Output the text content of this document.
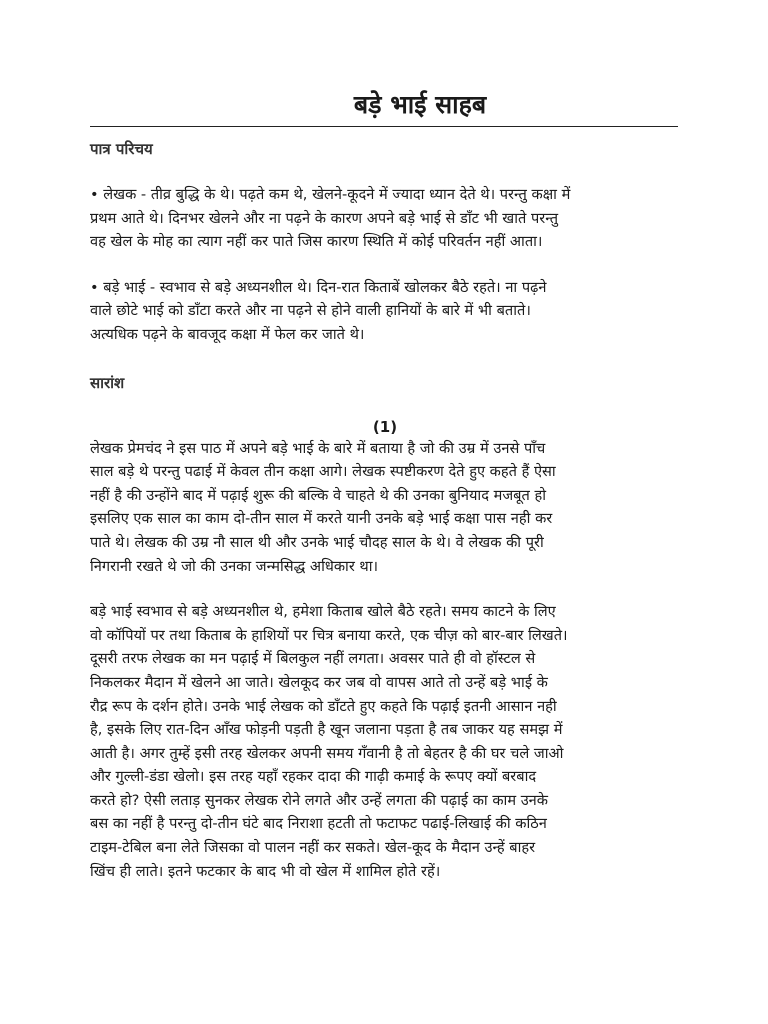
बड़े भाई साहब

पात्र परिचय

• लेखक - तीव्र बुद्धि के थे। पढ़ते कम थे, खेलने-कूदने में ज्यादा ध्यान देते थे। परन्तु कक्षा में
प्रथम आते थे। दिनभर खेलने और ना पढ़ने के कारण अपने बड़े भाई से डाँट भी खाते परन्तु
वह खेल के मोह का त्याग नहीं कर पाते जिस कारण स्थिति में कोई परिवर्तन नहीं आता।

• बड़े भाई - स्वभाव से बड़े अध्यनशील थे। दिन-रात किताबें खोलकर बैठे रहते। ना पढ़ने
वाले छोटे भाई को डाँटा करते और ना पढ़ने से होने वाली हानियों के बारे में भी बताते।
अत्यधिक पढ़ने के बावजूद कक्षा में फेल कर जाते थे।

सारांश

(1)

लेखक प्रेमचंद ने इस पाठ में अपने बड़े भाई के बारे में बताया है जो की उम्र में उनसे पाँच
साल बड़े थे परन्तु पढाई में केवल तीन कक्षा आगे। लेखक स्पष्टीकरण देते हुए कहते हैं ऐसा
नहीं है की उन्होंने बाद में पढ़ाई शुरू की बल्कि वे चाहते थे की उनका बुनियाद मजबूत हो
इसलिए एक साल का काम दो-तीन साल में करते यानी उनके बड़े भाई कक्षा पास नही कर
पाते थे। लेखक की उम्र नौ साल थी और उनके भाई चौदह साल के थे। वे लेखक की पूरी
निगरानी रखते थे जो की उनका जन्मसिद्ध अधिकार था।

बड़े भाई स्वभाव से बड़े अध्यनशील थे, हमेशा किताब खोले बैठे रहते। समय काटने के लिए
वो कॉपियों पर तथा किताब के हाशियों पर चित्र बनाया करते, एक चीज़ को बार-बार लिखते।
दूसरी तरफ लेखक का मन पढ़ाई में बिलकुल नहीं लगता। अवसर पाते ही वो हॉस्टल से
निकलकर मैदान में खेलने आ जाते। खेलकूद कर जब वो वापस आते तो उन्हें बड़े भाई के
रौद्र रूप के दर्शन होते। उनके भाई लेखक को डाँटते हुए कहते कि पढ़ाई इतनी आसान नही
है, इसके लिए रात-दिन आँख फोड़नी पड़ती है खून जलाना पड़ता है तब जाकर यह समझ में
आती है। अगर तुम्हें इसी तरह खेलकर अपनी समय गँवानी है तो बेहतर है की घर चले जाओ
और गुल्ली-डंडा खेलो। इस तरह यहाँ रहकर दादा की गाढ़ी कमाई के रूपए क्यों बरबाद
करते हो? ऐसी लताड़ सुनकर लेखक रोने लगते और उन्हें लगता की पढ़ाई का काम उनके
बस का नहीं है परन्तु दो-तीन घंटे बाद निराशा हटती तो फटाफट पढाई-लिखाई की कठिन
टाइम-टेबिल बना लेते जिसका वो पालन नहीं कर सकते। खेल-कूद के मैदान उन्हें बाहर
खिंच ही लाते। इतने फटकार के बाद भी वो खेल में शामिल होते रहें।
